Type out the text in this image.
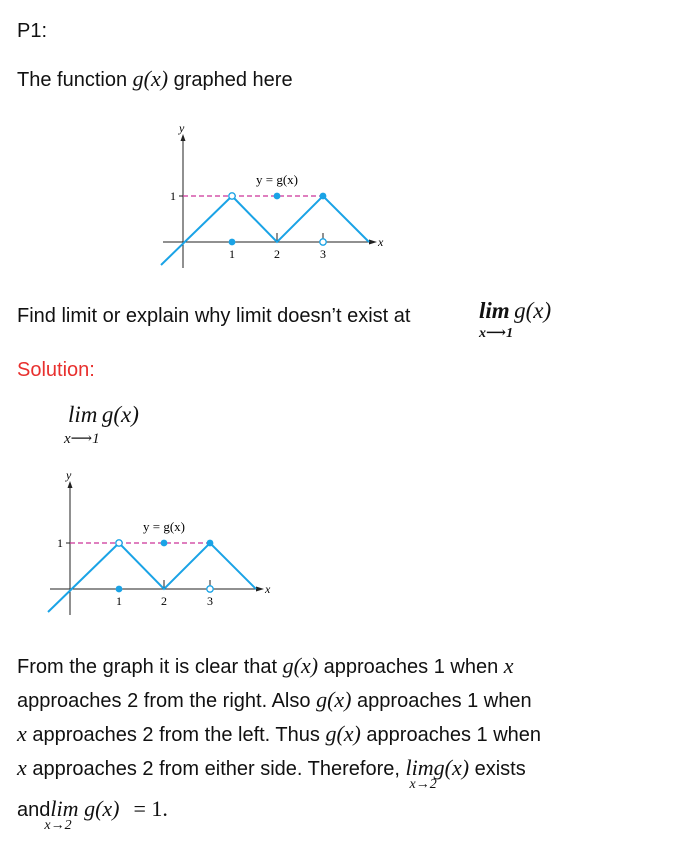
P1:
The function g(x) graphed here
y
x
1
1	2	3
y = g(x)
Find limit or explain why limit doesn’t exist at	lim g(x)
x⟶1
Solution:
lim g(x)
x⟶1
y
x
1
1	2	3
y = g(x)
From the graph it is clear that g(x) approaches 1 when x
approaches 2 from the right. Also g(x) approaches 1 when
x approaches 2 from the left. Thus g(x) approaches 1 when
x approaches 2 from either side. Therefore, limg(x)
x→2
exists
andlim g(x)
x→2
= 1.
